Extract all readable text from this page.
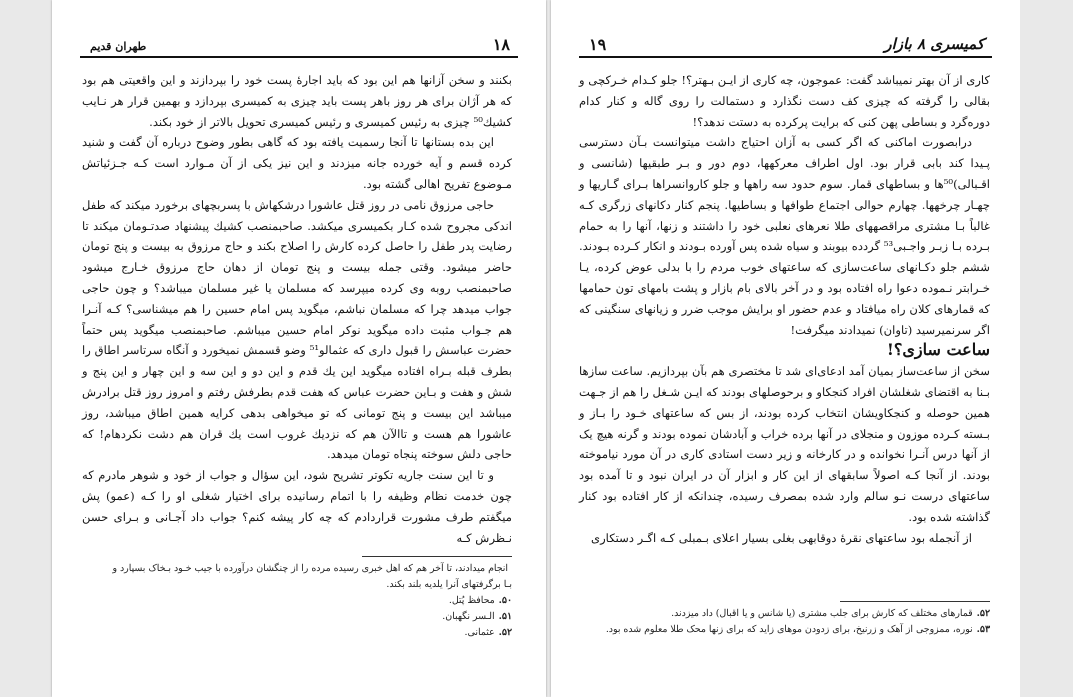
۱۸
طهران قديم

بكنند و سخن آزانها هم اين بود كه بايد اجارهٔ پست خود را بپردازند و اين واقعيتی هم بود كه هر آژان برای هر روز باهر پست بايد چيزی به كميسری بپردازد و بهمين قرار هر نـايب كشيك⁵⁰ چيزی به رئيس كميسری و رئيس كميسری تحويل بالاتر از خود بكند.

اين بده بستانها تا آنجا رسميت يافته بود كه گاهی بطور وضوح درباره آن گفت و شنيد كرده قسم و آيه خورده جانه ميزدند و اين نيز يكی از آن مـوارد است كـه جـزئياتش مـوضوع تفريح اهالی گشته بود.

حاجی مرزوق نامی در روز قتل عاشورا درشكهاش با پسربچهای برخورد ميكند كه طفل اندكی مجروح شده كـار بكميسری ميكشد. صاحبمنصب كشيك پيشنهاد صدتـومان ميكند تا رضايت پدر طفل را حاصل كرده كارش را اصلاح بكند و حاج مرزوق به بيست و پنج تومان حاضر ميشود. وقتی جمله بيست و پنج تومان از دهان حاج مرزوق خـارج ميشود صاحبمنصب روبه وی كرده ميپرسد كه مسلمان يا غير مسلمان ميباشد؟ و چون حاجی جواب ميدهد چرا كه مسلمان نباشم، ميگويد پس امام حسين را هم ميشناسی؟ كـه آنـرا هم جـواب مثبت داده ميگويد نوكر امام حسين ميباشم. صاحبمنصب ميگويد پس حتماً حضرت عباسش را قبول داری كه عثمالو⁵¹ وضو قسمش نميخورد و آنگاه سرتاسر اطاق را بطرف قبله بـراه افتاده ميگويد اين يك قدم و اين دو و اين سه و اين چهار و اين پنج و شش و هفت و بـاين حضرت عباس كه هفت قدم بطرفش رفتم و امروز روز قتل برادرش ميباشد اين بيست و پنج تومانی كه تو ميخواهی بدهی كرايه همين اطاق ميباشد، روز عاشورا هم هست و تاالآن هم كه نزديك غروب است يك قران هم دشت نكردهام! كه حاجی دلش سوخته پنجاه تومان ميدهد.

و تا اين سنت جاريه تكوتر تشريح شود، اين سؤال و جواب از خود و شوهر مادرم كه چون خدمت نظام وظيفه را با اتمام رسانيده برای اختيار شغلی او را كـه (عمو) پش ميگفتم طرف مشورت قراردادم كه چه كار پيشه كنم؟ جواب داد آجـانی و بـرای حسن نـظرش كـه

انجام ميدادند، تا آخر هم كه اهل خبری رسيده مرده را از چنگشان درآورده با جيب خـود بـخاک بسپارد و بـا برگرفتهای آنرا يلديه بلند بكند.

۵۰.محافظ پُتل.

۵۱.الـسر نگهبان.

۵۲.عثمانی.

۱۹	كميسری ۸ بازار

كاری از آن بهتر نميباشد گفت: عموجون، چه كاری از ايـن بـهتر؟! جلو كـدام خـركچی و بقالی را گرفته كه چيزی كف دست نگذارد و دستمالت را روی گاله و كنار كدام دوره‌گرد و بساطی پهن كنی كه برايت پركرده به دستت ندهد؟!

درابصورت اماكنی كه اگر كسی به آزان احتياج داشت ميتوانست بـآن دسترسی پـيدا كند بابی قرار بود. اول اطراف معركهها، دوم دور و بـر طبقیها (شانسی و اقـبالی)⁵⁰ها و بساطهای قمار. سوم حدود سه راهها و جلو كاروانسراها بـرای گـاریها و چهـار چرخهها. چهارم حوالی اجتماع طوافها و بساطیها. پنجم كنار دكانهای زرگری كـه غالباً بـا مشتری مراقصههای طلا نعرهای نعلبی خود را داشتند و زنها، آنها را به حمام بـرده بـا زبـر واجـبی⁵³ گردده بیوبند و سیاه شده پس آورده بـودند و انكار كـرده بـودند. ششم جلو دكـانهای ساعت‌سازی كه ساعتهای خوب مردم را با بدلی عوض كرده، يـا خـرابتر نـموده دعوا راه افتاده بود و در آخر بالای بام بازار و پشت بامهای تون حمامها كه قمارهای كلان راه ميافتاد و عدم حضور او برايش موجب ضرر و زيانهای سنگينی كه اگر سرنميرسيد (تاوان) نميدادند ميگرفت!

ساعت سازی؟!

سخن از ساعت‌ساز بميان آمد ادعای‌ای شد تا مختصری هم بآن بپردازيم. ساعت سازها بـنا به اقتضای شغلشان افراد كنجكاو و برحوصلهای بودند كه ايـن شـغل را هم از جـهت همين حوصله و كنجكاويشان انتخاب كرده بودند، از بس كه ساعتهای خـود را بـاز و بـسته كـرده موزون و منجلای در آنها برده خراب و آبادشان نموده بودند و گرنه هيچ يک از آنها درس آنـرا نخوانده و در كارخانه و زير دست استادی كاری در آن مورد نياموخته بودند. از آنجا كـه اصولاً سابقهای از اين كار و ابزار آن در ايران نبود و تا آمده بود ساعتهای درست نـو سالم وارد شده بمصرف رسيده، چندانكه از كار افتاده بود كنار گذاشته شده بود.

از آنجمله بود ساعتهای نقرهٔ دوقابهی بغلی بسيار اعلای بـمبلی كـه اگـر دستكاری

۵۲.قمارهای مختلف كه كارش برای جلب مشتری (يا شانس و يا اقبال) داد ميزدند.

۵۳.نوره، ممزوجی از آهک و زرنيخ، برای زدودن موهای زايد كه برای زنها محک طلا معلوم شده بود.
